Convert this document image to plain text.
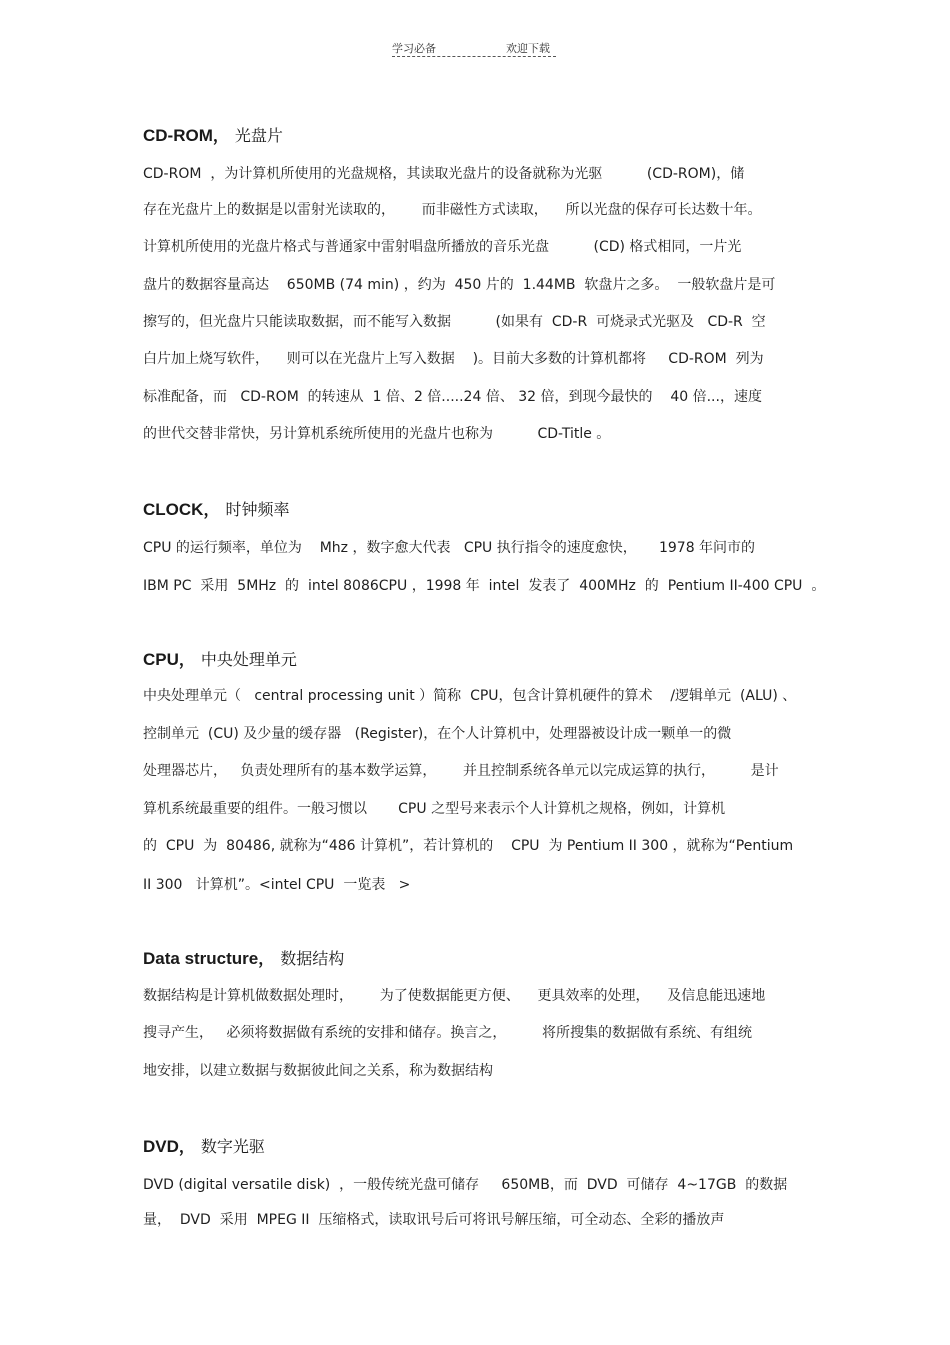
学习必备	欢迎下载
CD-ROM， 光盘片
CD-ROM  ，为计算机所使用的光盘规格，其读取光盘片的设备就称为光驱          (CD-ROM)，储
存在光盘片上的数据是以雷射光读取的，      而非磁性方式读取，    所以光盘的保存可长达数十年。
计算机所使用的光盘片格式与普通家中雷射唱盘所播放的音乐光盘          (CD) 格式相同，一片光
盘片的数据容量高达    650MB (74 min) ，约为  450 片的  1.44MB  软盘片之多。  一般软盘片是可
擦写的，但光盘片只能读取数据，而不能写入数据          (如果有  CD-R  可烧录式光驱及   CD-R  空
白片加上烧写软件，    则可以在光盘片上写入数据    )。目前大多数的计算机都将     CD-ROM  列为
标准配备，而   CD-ROM  的转速从  1 倍、2 倍.....24 倍、 32 倍，到现今最快的    40 倍...，速度
的世代交替非常快，另计算机系统所使用的光盘片也称为          CD-Title 。
CLOCK， 时钟频率
CPU 的运行频率，单位为    Mhz ，数字愈大代表   CPU 执行指令的速度愈快，     1978 年问市的
IBM PC  采用  5MHz  的  intel 8086CPU ，1998 年  intel  发表了  400MHz  的  Pentium II-400 CPU  。
CPU， 中央处理单元
中央处理单元（   central processing unit ）简称  CPU，包含计算机硬件的算术    /逻辑单元  (ALU) 、
控制单元  (CU) 及少量的缓存器   (Register)，在个人计算机中，处理器被设计成一颗单一的微
处理器芯片，   负责处理所有的基本数学运算，      并且控制系统各单元以完成运算的执行，        是计
算机系统最重要的组件。一般习惯以       CPU 之型号来表示个人计算机之规格，例如，计算机
的  CPU  为  80486, 就称为“486 计算机”，若计算机的    CPU  为 Pentium II 300 ，就称为“Pentium
II 300   计算机”。<intel CPU  一览表   >
Data structure， 数据结构
数据结构是计算机做数据处理时，      为了使数据能更方便、    更具效率的处理，    及信息能迅速地
搜寻产生，   必须将数据做有系统的安排和储存。换言之，        将所搜集的数据做有系统、有组统
地安排，以建立数据与数据彼此间之关系，称为数据结构
DVD， 数字光驱
DVD (digital versatile disk)  ，一般传统光盘可储存     650MB，而  DVD  可储存  4~17GB  的数据
量，  DVD  采用  MPEG II  压缩格式，读取讯号后可将讯号解压缩，可全动态、全彩的播放声
